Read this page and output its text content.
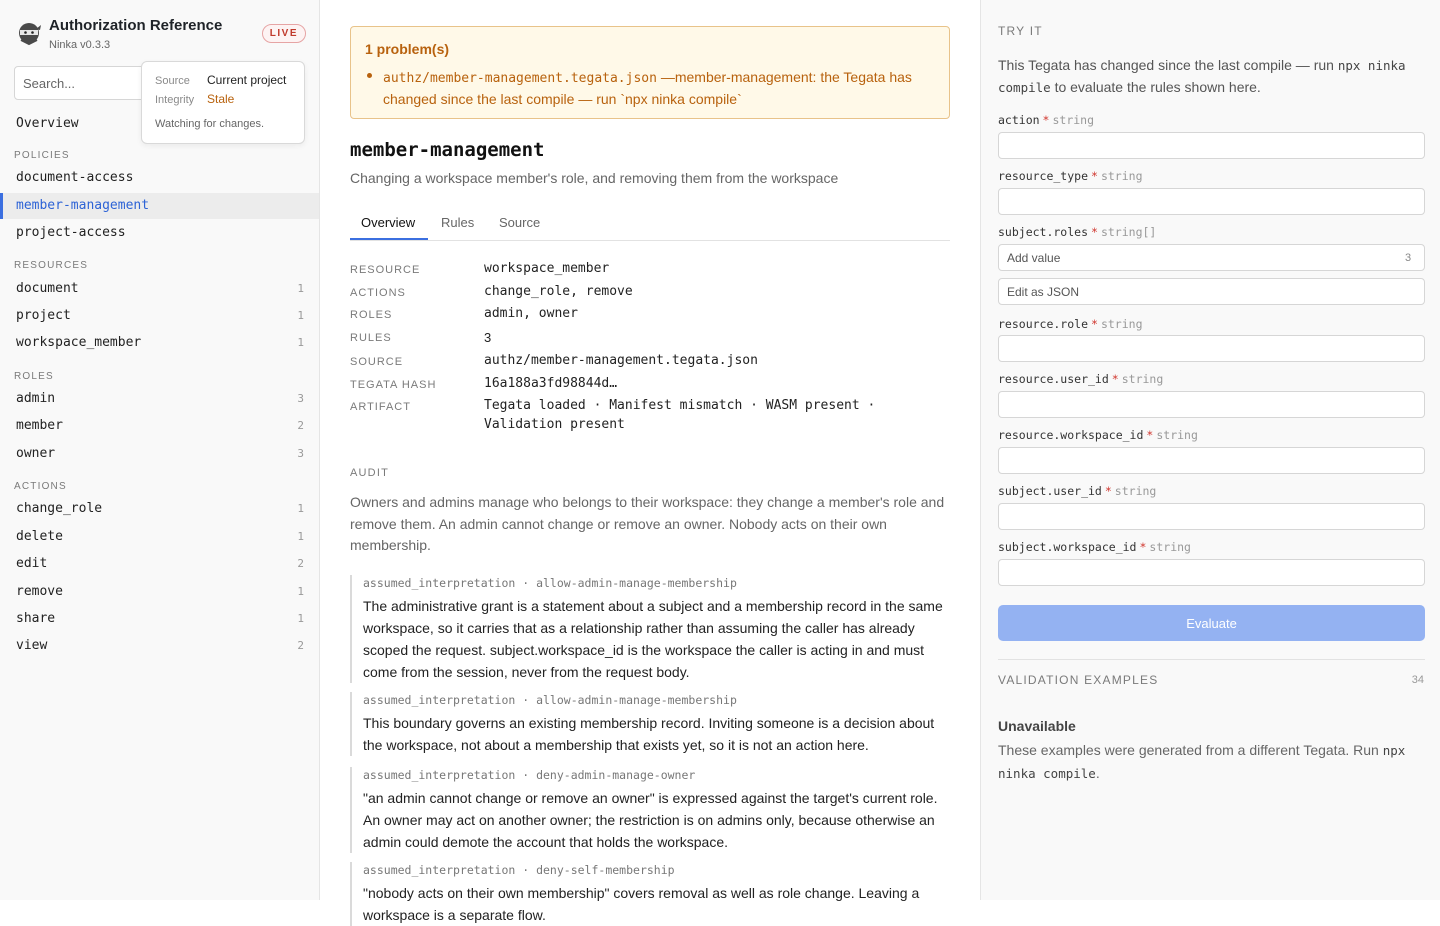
Authorization Reference
Ninka v0.3.3
LIVE
Search...
Source Current project
Integrity Stale
Watching for changes.
Overview
POLICIES
document-access
member-management
project-access
RESOURCES
document	1
project	1
workspace_member	1
ROLES
admin	3
member	2
owner	3
ACTIONS
change_role	1
delete	1
edit	2
remove	1
share	1
view	2
1 problem(s)
authz/member-management.tegata.json —member-management: the Tegata has changed since the last compile — run `npx ninka compile`
member-management
Changing a workspace member's role, and removing them from the workspace
Overview Rules Source
RESOURCE	workspace_member
ACTIONS	change_role, remove
ROLES	admin, owner
RULES	3
SOURCE	authz/member-management.tegata.json
TEGATA HASH	16a188a3fd98844d…
ARTIFACT	Tegata loaded · Manifest mismatch · WASM present · Validation present
AUDIT

Owners and admins manage who belongs to their workspace: they change a member's role and remove them. An admin cannot change or remove an owner. Nobody acts on their own membership.

assumed_interpretation · allow-admin-manage-membership
The administrative grant is a statement about a subject and a membership record in the same workspace, so it carries that as a relationship rather than assuming the caller has already scoped the request. subject.workspace_id is the workspace the caller is acting in and must come from the session, never from the request body.
assumed_interpretation · allow-admin-manage-membership
This boundary governs an existing membership record. Inviting someone is a decision about the workspace, not about a membership that exists yet, so it is not an action here.
assumed_interpretation · deny-admin-manage-owner
"an admin cannot change or remove an owner" is expressed against the target's current role. An owner may act on another owner; the restriction is on admins only, because otherwise an admin could demote the account that holds the workspace.
assumed_interpretation · deny-self-membership
"nobody acts on their own membership" covers removal as well as role change. Leaving a workspace is a separate flow.
TRY IT

This Tegata has changed since the last compile — run npx ninka compile to evaluate the rules shown here.

action * string
resource_type * string
subject.roles * string[]
Add value
3
Edit as JSON
resource.role * string
resource.user_id * string
resource.workspace_id * string
subject.user_id * string
subject.workspace_id * string
Evaluate
VALIDATION EXAMPLES	34
Unavailable

These examples were generated from a different Tegata. Run npx ninka compile.
